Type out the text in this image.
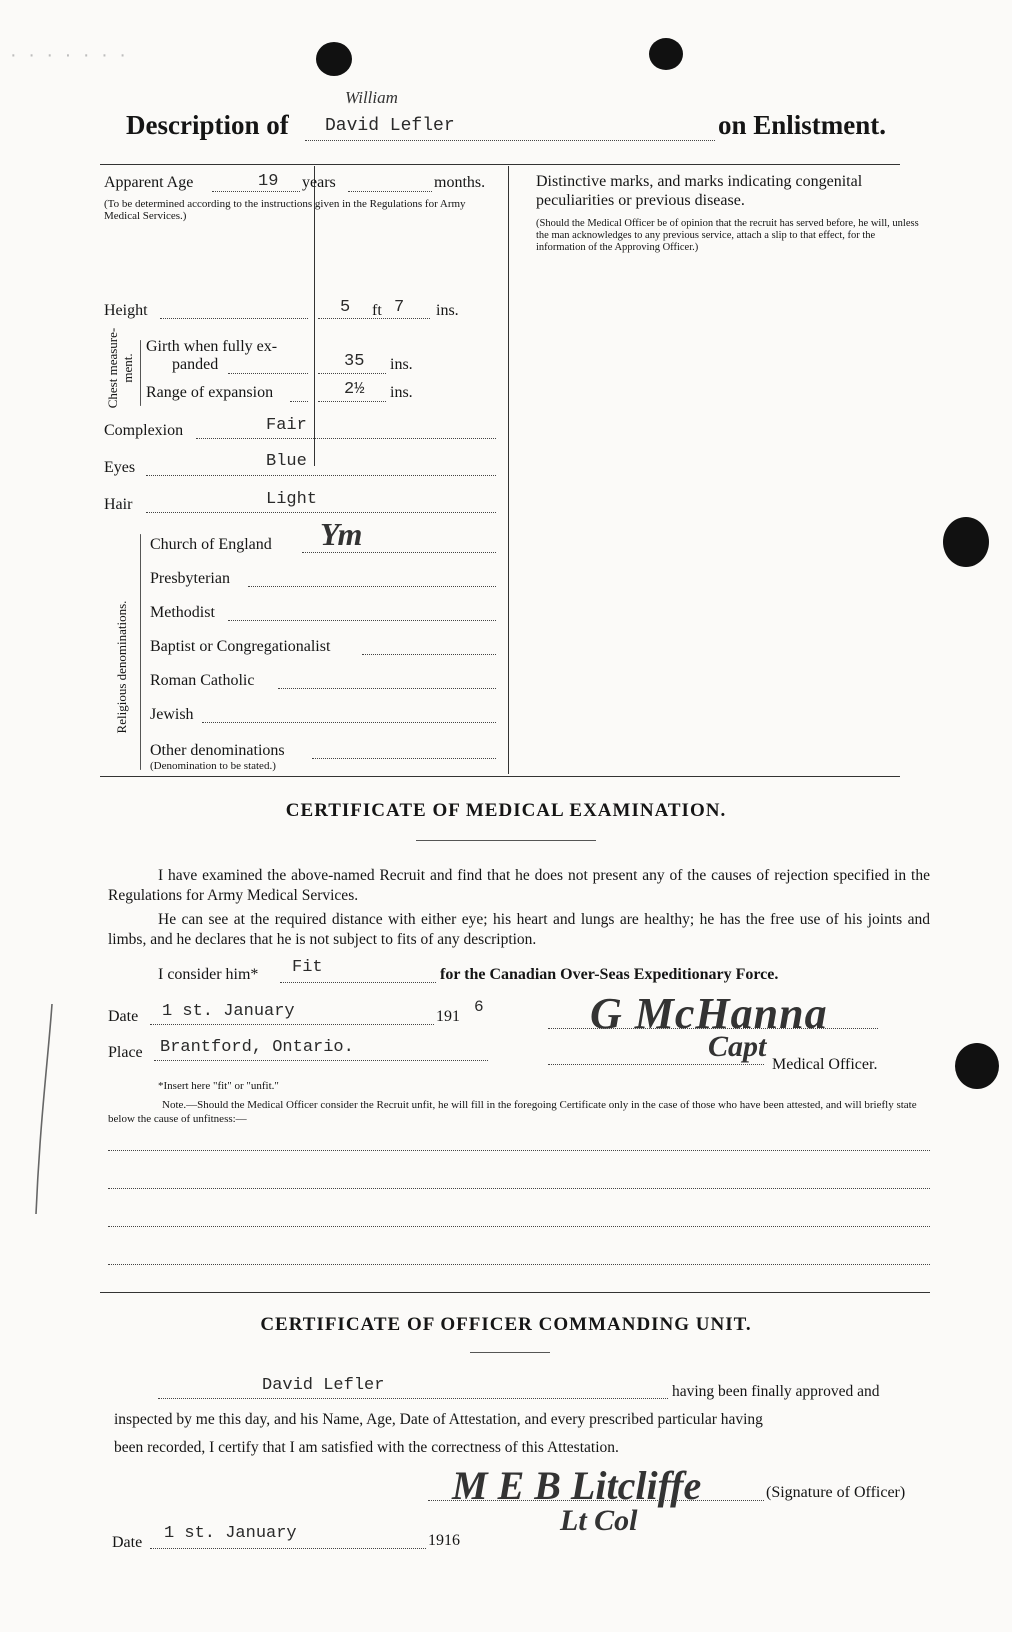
· · · · · · ·
Description of
William
David Lefler	on Enlistment.
Apparent Age	19 years	months.
(To be determined according to the instructions given in the Regulations for Army Medical Services.)
Height	5 ft 7 ins.
Chest measure-ment.
Girth when fully ex-
panded	35 ins.
Range of expansion	2½ ins.
Complexion	Fair
Eyes	Blue
Hair	Light
Religious denominations.
Church of England Ym
Presbyterian
Methodist
Baptist or Congregationalist
Roman Catholic
Jewish
Other denominations
(Denomination to be stated.)
Distinctive marks, and marks indicating congenital peculiarities or previous disease.
(Should the Medical Officer be of opinion that the recruit has served before, he will, unless the man acknowledges to any previous service, attach a slip to that effect, for the information of the Approving Officer.)
CERTIFICATE OF MEDICAL EXAMINATION.
I have examined the above-named Recruit and find that he does not present any of the causes of rejection specified in the Regulations for Army Medical Services.
He can see at the required distance with either eye; his heart and lungs are healthy; he has the free use of his joints and limbs, and he declares that he is not subject to fits of any description.
I consider him* Fit	for the Canadian Over-Seas Expeditionary Force.
Date 1 st. January	191
6
Place Brantford, Ontario.
G McHanna
Capt
Medical Officer.
*Insert here "fit" or "unfit."
Note.—Should the Medical Officer consider the Recruit unfit, he will fill in the foregoing Certificate only in the case of those who have been attested, and will briefly state below the cause of unfitness:—
CERTIFICATE OF OFFICER COMMANDING UNIT.
David Lefler	having been finally approved and
inspected by me this day, and his Name, Age, Date of Attestation, and every prescribed particular having
been recorded, I certify that I am satisfied with the correctness of this Attestation.
M E B Litcliffe	(Signature of Officer)
Lt Col
Date 1 st. January	1916
